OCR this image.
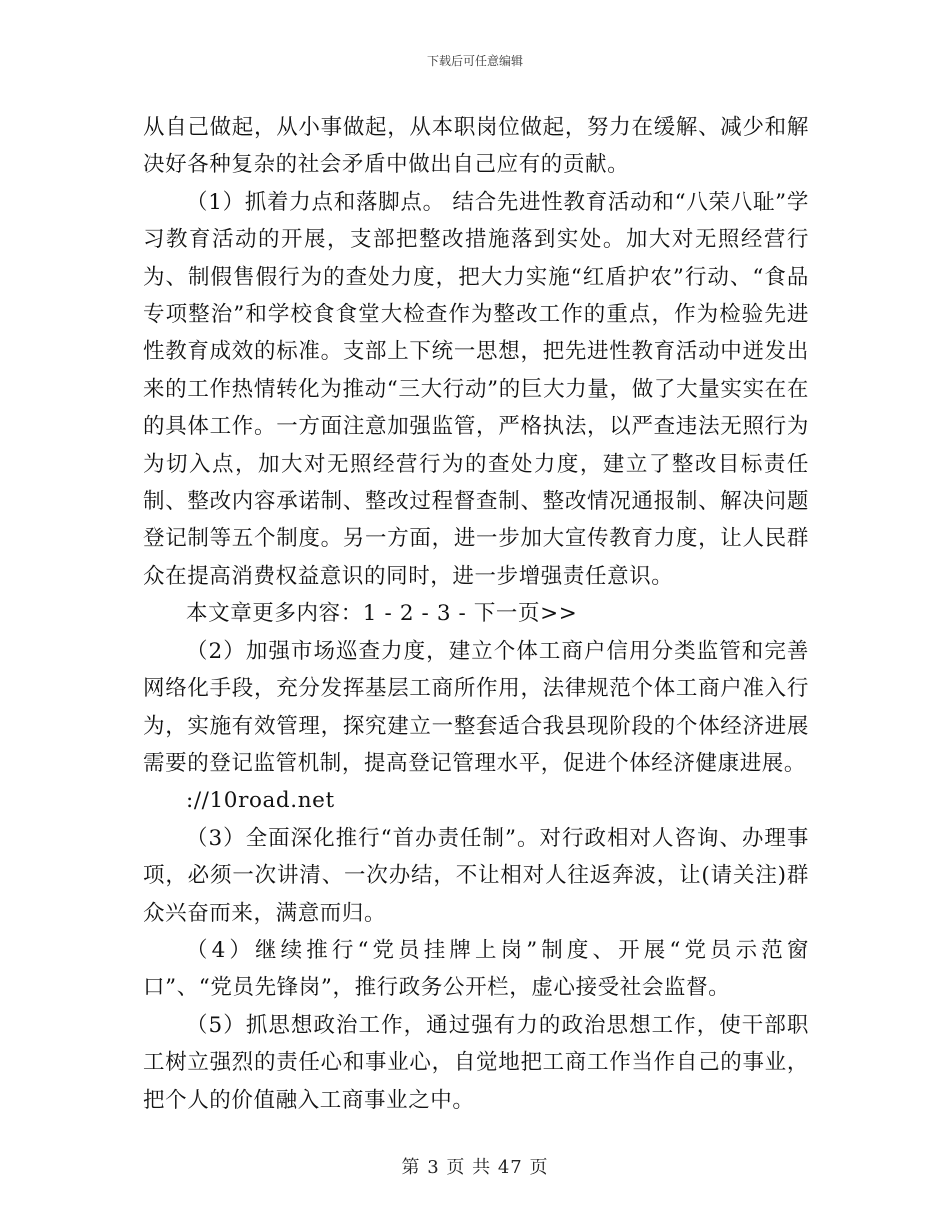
下载后可任意编辑

从自己做起，从小事做起，从本职岗位做起，努力在缓解、减少和解决好各种复杂的社会矛盾中做出自己应有的贡献。

（1）抓着力点和落脚点。 结合先进性教育活动和“八荣八耻”学习教育活动的开展，支部把整改措施落到实处。加大对无照经营行为、制假售假行为的查处力度，把大力实施“红盾护农”行动、“食品专项整治”和学校食食堂大检查作为整改工作的重点，作为检验先进性教育成效的标准。支部上下统一思想，把先进性教育活动中迸发出来的工作热情转化为推动“三大行动”的巨大力量，做了大量实实在在的具体工作。一方面注意加强监管，严格执法，以严查违法无照行为为切入点，加大对无照经营行为的查处力度，建立了整改目标责任制、整改内容承诺制、整改过程督查制、整改情况通报制、解决问题登记制等五个制度。另一方面，进一步加大宣传教育力度，让人民群众在提高消费权益意识的同时，进一步增强责任意识。

本文章更多内容：1 - 2 - 3 - 下一页>>

（2）加强市场巡查力度，建立个体工商户信用分类监管和完善网络化手段，充分发挥基层工商所作用，法律规范个体工商户准入行为，实施有效管理，探究建立一整套适合我县现阶段的个体经济进展需要的登记监管机制，提高登记管理水平，促进个体经济健康进展。

://10road.net

（3）全面深化推行“首办责任制”。对行政相对人咨询、办理事项，必须一次讲清、一次办结，不让相对人往返奔波，让(请关注)群众兴奋而来，满意而归。

（4）继续推行“党员挂牌上岗”制度、开展“党员示范窗口”、“党员先锋岗”，推行政务公开栏，虚心接受社会监督。

（5）抓思想政治工作，通过强有力的政治思想工作，使干部职工树立强烈的责任心和事业心，自觉地把工商工作当作自己的事业，把个人的价值融入工商事业之中。

第 3 页 共 47 页
